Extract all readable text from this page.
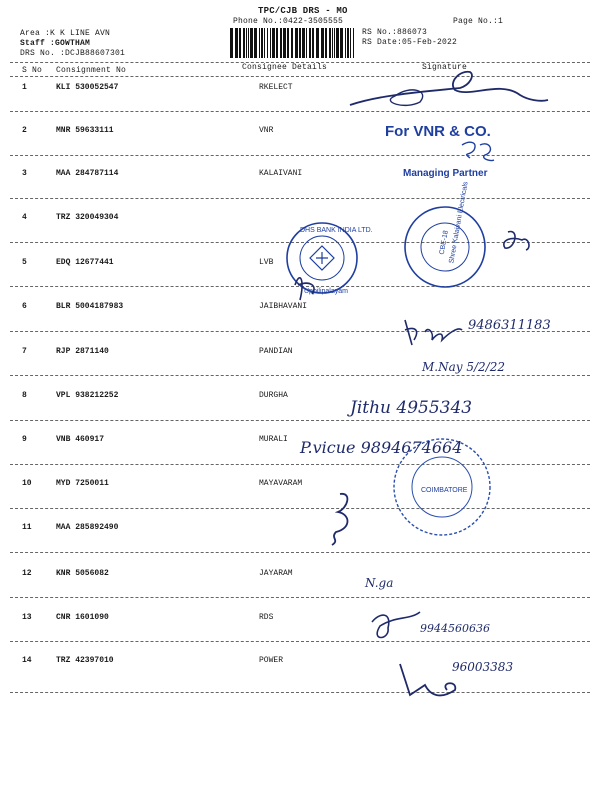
TPC/CJB DRS - MO
Phone No.:0422-3505555
Area :K K LINE AVN
Staff :GOWTHAM
DRS No. :DCJB88607301
RS No.:886073
RS Date:05-Feb-2022
Page No.:1
S No Consignment No	Consignee Details	Signature
1	KLI 530052547	RKELECT
2	MNR 59633111	VNR
3	MAA 284787114	KALAIVANI
4	TRZ 320049304
5	EDQ 12677441	LVB
6	BLR 5004187983	JAIBHAVANI
7	RJP 2871140	PANDIAN
8	VPL 938212252	DURGHA
9	VNB 460917	MURALI
10	MYD 7250011	MAYAVARAM
11	MAA 285892490
12	KNR 5056082	JAYARAM
13	CNR 1601090	RDS
14	TRZ 42397010	POWER
DHS BANK INDIA LTD.
Uppilipalayam
Shree Kalaivani Electricals
CBE-18
COIMBATORE
For VNR & CO.
Managing Partner
9486311183
M.Nay 5/2/22
Jithu 4955343
P.vicue 9894674664
N.ga
9944560636
96003383
